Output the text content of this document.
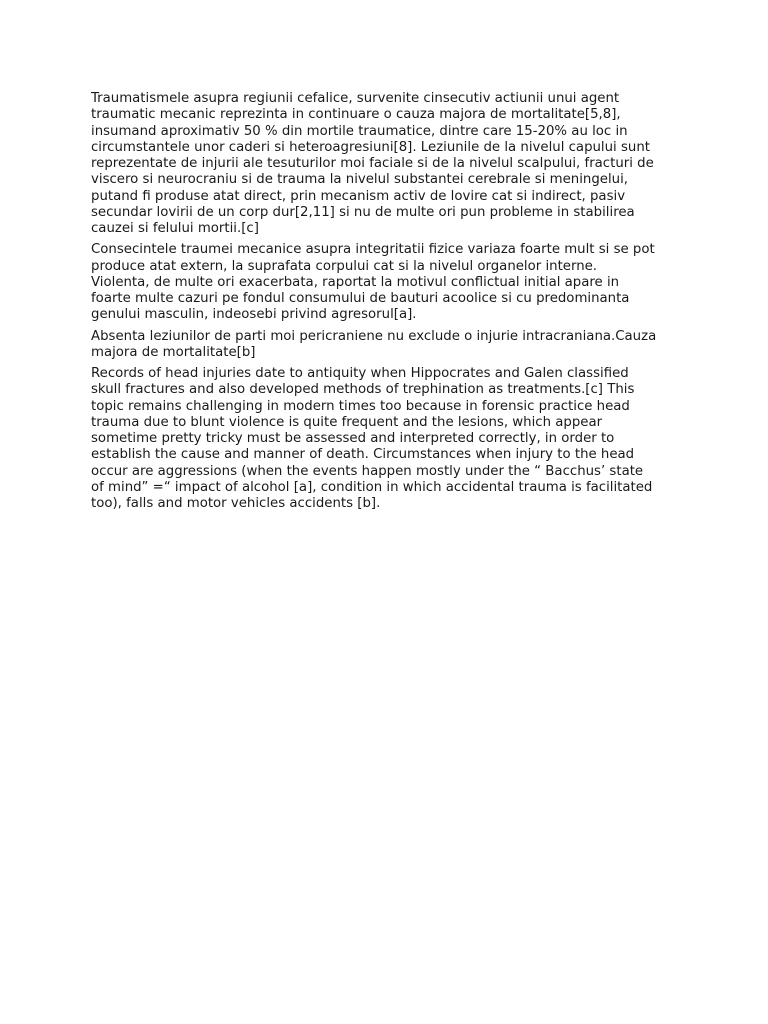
Traumatismele asupra regiunii cefalice, survenite cinsecutiv actiunii unui agent
traumatic mecanic reprezinta in continuare o cauza majora de mortalitate[5,8],
insumand aproximativ 50 % din mortile traumatice, dintre care 15-20% au loc in
circumstantele unor caderi si heteroagresiuni[8]. Leziunile de la nivelul capului sunt
reprezentate de injurii ale tesuturilor moi faciale si de la nivelul scalpului, fracturi de
viscero si neurocraniu si de trauma la nivelul substantei cerebrale si meningelui,
putand fi produse atat direct, prin mecanism activ de lovire cat si indirect, pasiv
secundar lovirii de un corp dur[2,11] si nu de multe ori pun probleme in stabilirea
cauzei si felului mortii.[c]

Consecintele traumei mecanice asupra integritatii fizice variaza foarte mult si se pot
produce atat extern, la suprafata corpului cat si la nivelul organelor interne.
Violenta, de multe ori exacerbata, raportat la motivul conflictual initial apare in
foarte multe cazuri pe fondul consumului de bauturi acoolice si cu predominanta
genului masculin, indeosebi privind agresorul[a].

Absenta leziunilor de parti moi pericraniene nu exclude o injurie intracraniana.Cauza
majora de mortalitate[b]

Records of head injuries date to antiquity when Hippocrates and Galen classified
skull fractures and also developed methods of trephination as treatments.[c] This
topic remains challenging in modern times too because in forensic practice head
trauma due to blunt violence is quite frequent and the lesions, which appear
sometime pretty tricky must be assessed and interpreted correctly, in order to
establish the cause and manner of death. Circumstances when injury to the head
occur are aggressions (when the events happen mostly under the “ Bacchus’ state
of mind” =“ impact of alcohol [a], condition in which accidental trauma is facilitated
too), falls and motor vehicles accidents [b].
